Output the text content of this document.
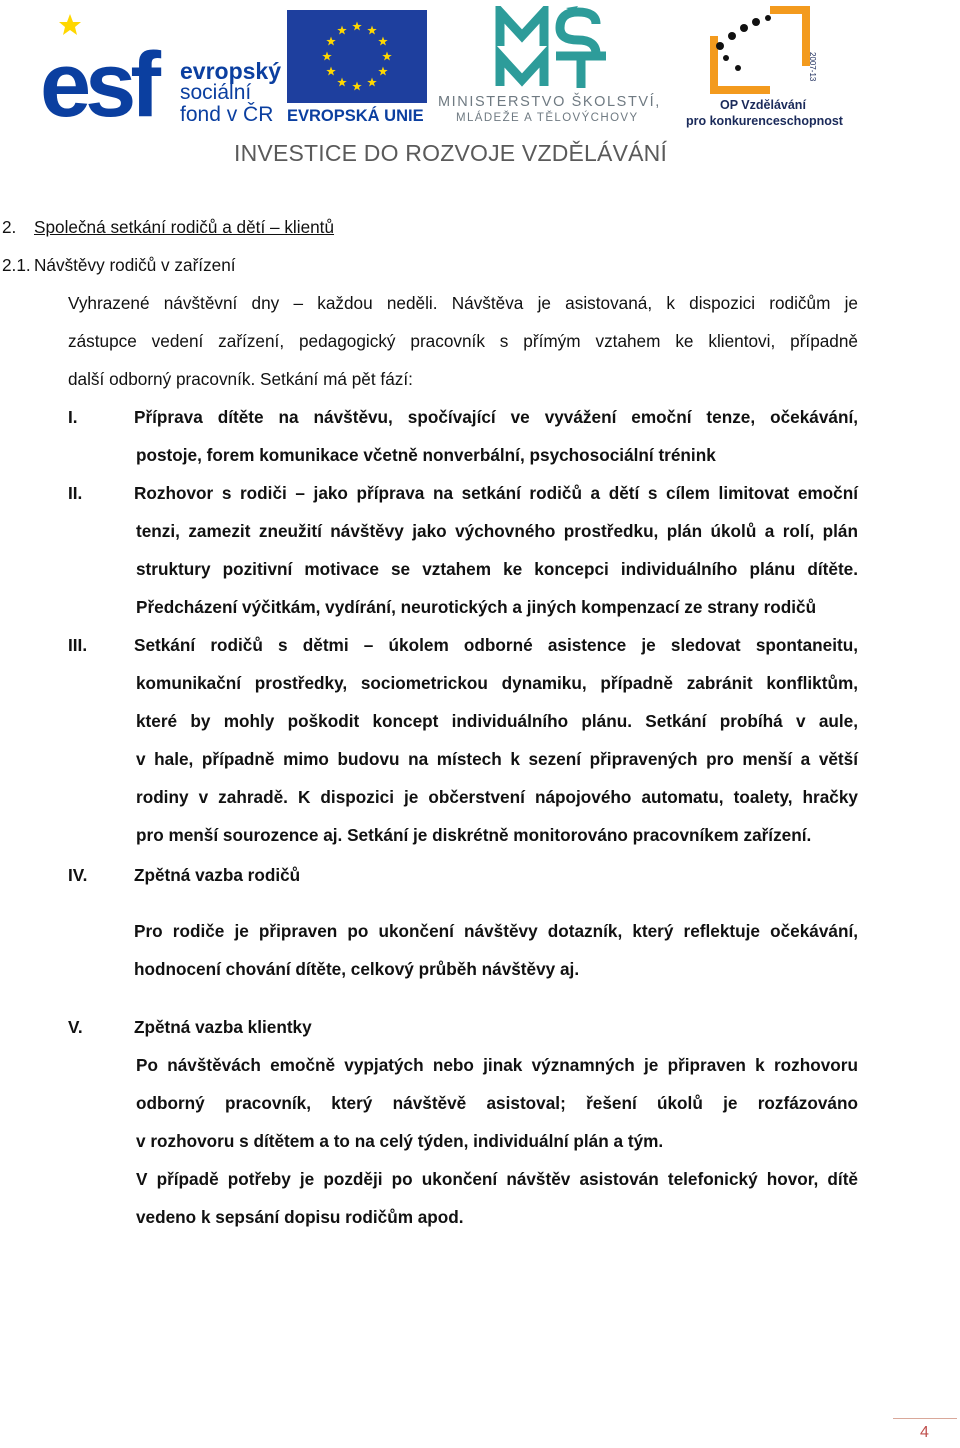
esf evropský
sociální
fond v ČR EVROPSKÁ UNIE
MINISTERSTVO ŠKOLSTVÍ,
MLÁDEŽE A TĚLOVÝCHOVY
2007-13
OP Vzdělávání
pro konkurenceschopnost
INVESTICE DO ROZVOJE VZDĚLÁVÁNÍ
2. Společná setkání rodičů a dětí – klientů
2.1. Návštěvy rodičů v zařízení
Vyhrazené návštěvní dny – každou neděli. Návštěva je asistovaná, k dispozici rodičům je
zástupce vedení zařízení, pedagogický pracovník s přímým vztahem ke klientovi, případně
další odborný pracovník. Setkání má pět fází:
I.	Příprava dítěte na návštěvu, spočívající ve vyvážení emoční tenze, očekávání,
postoje, forem komunikace včetně nonverbální, psychosociální trénink
II.	Rozhovor s rodiči – jako příprava na setkání rodičů a dětí s cílem limitovat emoční
tenzi, zamezit zneužití návštěvy jako výchovného prostředku, plán úkolů a rolí, plán
struktury pozitivní motivace se vztahem ke koncepci individuálního plánu dítěte.
Předcházení výčitkám, vydírání, neurotických a jiných kompenzací ze strany rodičů
III.	Setkání rodičů s dětmi – úkolem odborné asistence je sledovat spontaneitu,
komunikační prostředky, sociometrickou dynamiku, případně zabránit konfliktům,
které by mohly poškodit koncept individuálního plánu. Setkání probíhá v aule,
v hale, případně mimo budovu na místech k sezení připravených pro menší a větší
rodiny v zahradě. K dispozici je občerstvení nápojového automatu, toalety, hračky
pro menší sourozence aj. Setkání je diskrétně monitorováno pracovníkem zařízení.
IV.	Zpětná vazba rodičů
Pro rodiče je připraven po ukončení návštěvy dotazník, který reflektuje očekávání,
hodnocení chování dítěte, celkový průběh návštěvy aj.
V.	Zpětná vazba klientky
Po návštěvách emočně vypjatých nebo jinak významných je připraven k rozhovoru
odborný pracovník, který návštěvě asistoval; řešení úkolů je rozfázováno
v rozhovoru s dítětem a to na celý týden, individuální plán a tým.
V případě potřeby je později po ukončení návštěv asistován telefonický hovor, dítě
vedeno k sepsání dopisu rodičům apod.
4
